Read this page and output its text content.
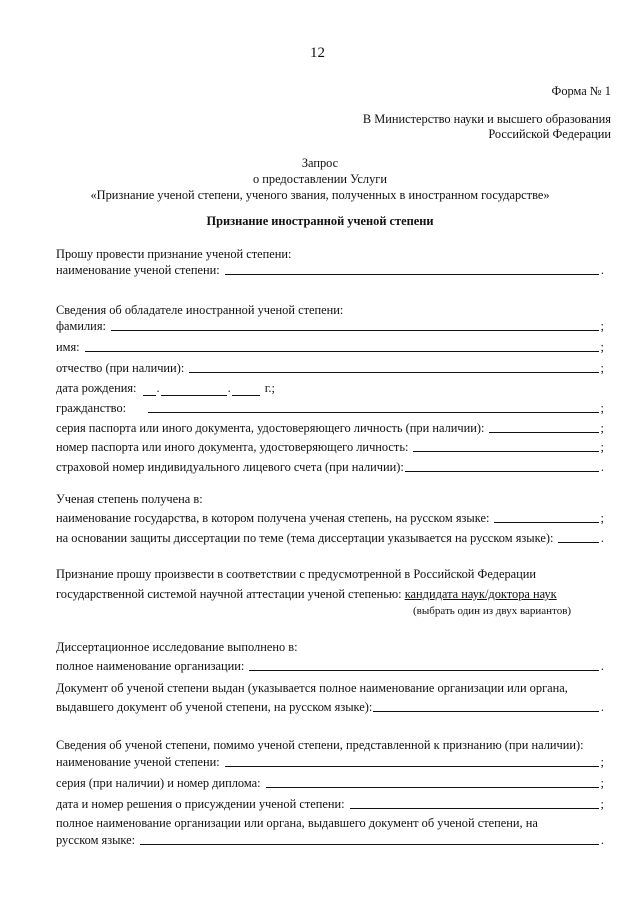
12
Форма № 1
В Министерство науки и высшего образования
Российской Федерации
Запрос
о предоставлении Услуги
«Признание ученой степени, ученого звания, полученных в иностранном государстве»
Признание иностранной ученой степени
Прошу провести признание ученой степени:
наименование ученой степени:	.
Сведения об обладателе иностранной ученой степени:
фамилия:	;
имя:	;
отчество (при наличии):	;
дата рождения: .	.	г.;
гражданство:	;
серия паспорта или иного документа, удостоверяющего личность (при наличии):	;
номер паспорта или иного документа, удостоверяющего личность:	;
страховой номер индивидуального лицевого счета (при наличии):	.
Ученая степень получена в:
наименование государства, в котором получена ученая степень, на русском языке:	;
на основании защиты диссертации по теме (тема диссертации указывается на русском языке):	.
Признание прошу произвести в соответствии с предусмотренной в Российской Федерации
государственной системой научной аттестации ученой степенью: кандидата наук/доктора наук
(выбрать один из двух вариантов)
Диссертационное исследование выполнено в:
полное наименование организации:	.
Документ об ученой степени выдан (указывается полное наименование организации или органа,
выдавшего документ об ученой степени, на русском языке):	.
Сведения об ученой степени, помимо ученой степени, представленной к признанию (при наличии):
наименование ученой степени:	;
серия (при наличии) и номер диплома:	;
дата и номер решения о присуждении ученой степени:	;
полное наименование организации или органа, выдавшего документ об ученой степени, на
русском языке:	.
